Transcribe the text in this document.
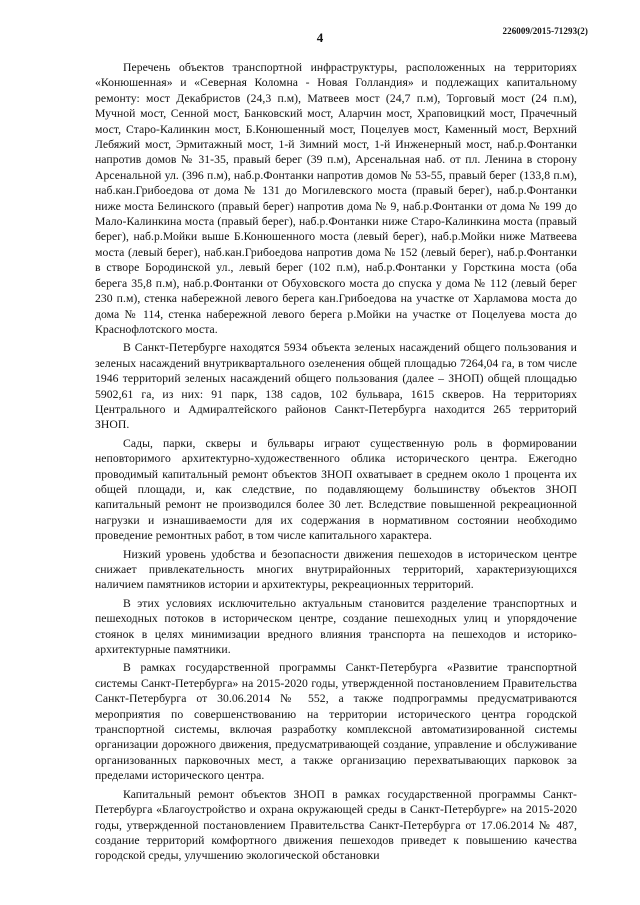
4	226009/2015-71293(2)

Перечень объектов транспортной инфраструктуры, расположенных на территориях «Конюшенная» и «Северная Коломна - Новая Голландия» и подлежащих капитальному ремонту: мост Декабристов (24,3 п.м), Матвеев мост (24,7 п.м), Торговый мост (24 п.м), Мучной мост, Сенной мост, Банковский мост, Аларчин мост, Храповицкий мост, Прачечный мост, Старо-Калинкин мост, Б.Конюшенный мост, Поцелуев мост, Каменный мост, Верхний Лебяжий мост, Эрмитажный мост, 1-й Зимний мост, 1-й Инженерный мост, наб.р.Фонтанки напротив домов № 31-35, правый берег (39 п.м), Арсенальная наб. от пл. Ленина в сторону Арсенальной ул. (396 п.м), наб.р.Фонтанки напротив домов № 53-55, правый берег (133,8 п.м), наб.кан.Грибоедова от дома № 131 до Могилевского моста (правый берег), наб.р.Фонтанки ниже моста Белинского (правый берег) напротив дома № 9, наб.р.Фонтанки от дома № 199 до Мало-Калинкина моста (правый берег), наб.р.Фонтанки ниже Старо-Калинкина моста (правый берег), наб.р.Мойки выше Б.Конюшенного моста (левый берег), наб.р.Мойки ниже Матвеева моста (левый берег), наб.кан.Грибоедова напротив дома № 152 (левый берег), наб.р.Фонтанки в створе Бородинской ул., левый берег (102 п.м), наб.р.Фонтанки у Горсткина моста (оба берега 35,8 п.м), наб.р.Фонтанки от Обуховского моста до спуска у дома № 112 (левый берег 230 п.м), стенка набережной левого берега кан.Грибоедова на участке от Харламова моста до дома № 114, стенка набережной левого берега р.Мойки на участке от Поцелуева моста до Краснофлотского моста.

В Санкт-Петербурге находятся 5934 объекта зеленых насаждений общего пользования и зеленых насаждений внутриквартального озеленения общей площадью 7264,04 га, в том числе 1946 территорий зеленых насаждений общего пользования (далее – ЗНОП) общей площадью 5902,61 га, из них: 91 парк, 138 садов, 102 бульвара, 1615 скверов. На территориях Центрального и Адмиралтейского районов Санкт-Петербурга находится 265 территорий ЗНОП.

Сады, парки, скверы и бульвары играют существенную роль в формировании неповторимого архитектурно-художественного облика исторического центра. Ежегодно проводимый капитальный ремонт объектов ЗНОП охватывает в среднем около 1 процента их общей площади, и, как следствие, по подавляющему большинству объектов ЗНОП капитальный ремонт не производился более 30 лет. Вследствие повышенной рекреационной нагрузки и изнашиваемости для их содержания в нормативном состоянии необходимо проведение ремонтных работ, в том числе капитального характера.

Низкий уровень удобства и безопасности движения пешеходов в историческом центре снижает привлекательность многих внутрирайонных территорий, характеризующихся наличием памятников истории и архитектуры, рекреационных территорий.

В этих условиях исключительно актуальным становится разделение транспортных и пешеходных потоков в историческом центре, создание пешеходных улиц и упорядочение стоянок в целях минимизации вредного влияния транспорта на пешеходов и историко-архитектурные памятники.

В рамках государственной программы Санкт-Петербурга «Развитие транспортной системы Санкт-Петербурга» на 2015-2020 годы, утвержденной постановлением Правительства Санкт-Петербурга от 30.06.2014 № 552, а также подпрограммы предусматриваются мероприятия по совершенствованию на территории исторического центра городской транспортной системы, включая разработку комплексной автоматизированной системы организации дорожного движения, предусматривающей создание, управление и обслуживание организованных парковочных мест, а также организацию перехватывающих парковок за пределами исторического центра.

Капитальный ремонт объектов ЗНОП в рамках государственной программы Санкт-Петербурга «Благоустройство и охрана окружающей среды в Санкт-Петербурге» на 2015-2020 годы, утвержденной постановлением Правительства Санкт-Петербурга от 17.06.2014 № 487, создание территорий комфортного движения пешеходов приведет к повышению качества городской среды, улучшению экологической обстановки
